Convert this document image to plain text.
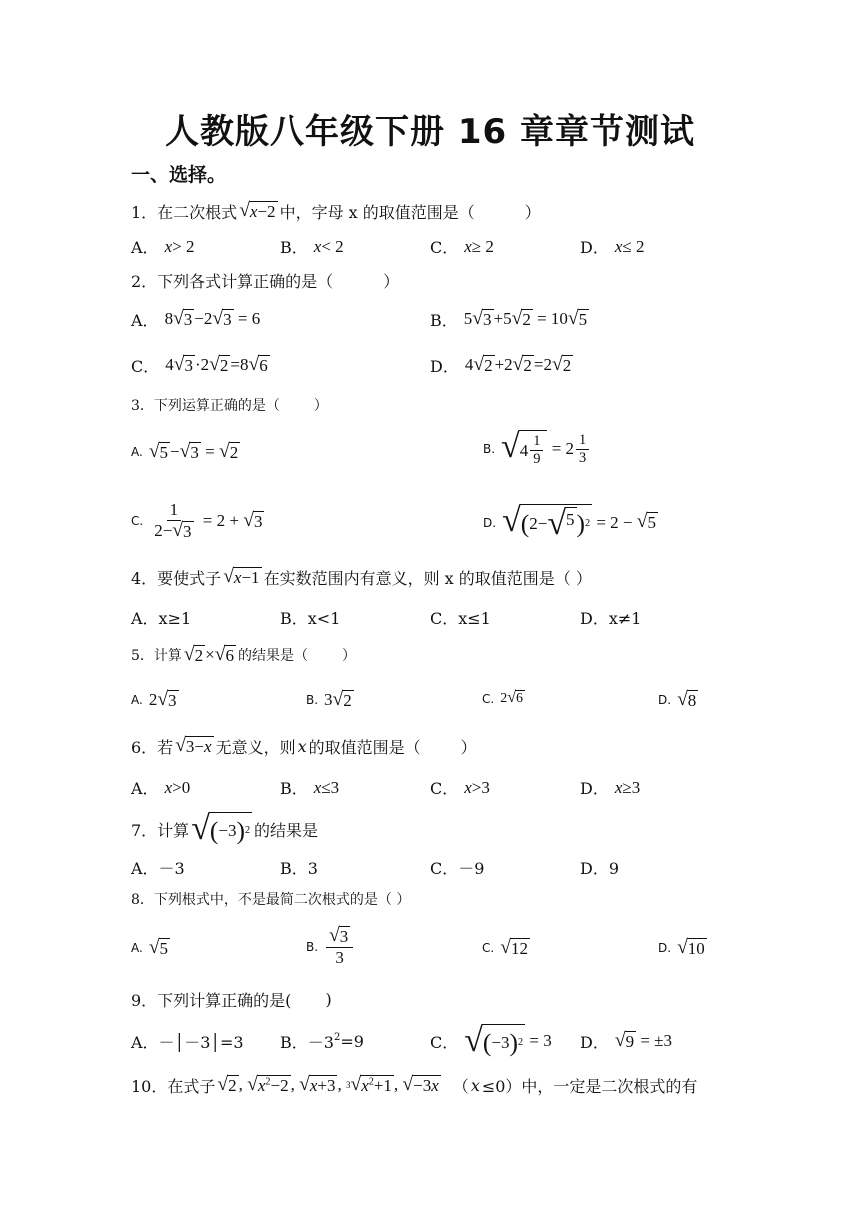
人教版八年级下册 16 章章节测试
一、选择。
1．在二次根式 √ x−2 中，字母 x 的取值范围是（	）
A． x > 2	B． x < 2	C． x ≥ 2	D． x ≤ 2
2．下列各式计算正确的是（	）
A． 8 √ 3 −2 √ 3 = 6	B． 5 √ 3 +5 √ 2 = 10 √ 5
C． 4 √ 3 ·2 √ 2 =8 √ 6	D． 4 √ 2 +2 √ 2 =2 √ 2
3．下列运算正确的是（ ）
A. √ 5 − √ 3 = √ 2	B. √ $4 \frac{1}{9} = 2 \frac{1}{3}$
C. $\frac{1}{2- √ 3} = 2$ + √ 3	D. √ ( 2− √ 5 ) 2 = 2 − √ 5
4．要使式子 √ x−1 在实数范围内有意义，则 x 的取值范围是（ ）
A．x≥1	B．x<1	C．x≤1	D．x≠1
5．计算 √ 2 × √ 6 的结果是（ ）
A. 2 √ 3	B. 3 √ 2	C. 2 √ 6	D. √ 8
6．若 √ 3−x 无意义，则 x 的取值范围是（	）
A． x >0	B． x ≤3	C． x >3	D． x ≥3
7．计算 √ ( −3 ) 2 的结果是
A．－3	B．3	C．－9	D．9
8．下列根式中，不是最简二次根式的是（ ）
A. √ 5	B. $\frac{√ 3}{3}$	C. √ 12	D. √ 10
9．下列计算正确的是( )
A．－│－3│=3 B．$-3^2 =9$	C． √ ( −3 ) 2 = 3 D． √ 9 = ±3
10．在式子 √ 2 , √ $x^2-2$ , √ x+3 , 3 √ $x^2+1$ , √ −3x （ x ≤0）中，一定是二次根式的有
